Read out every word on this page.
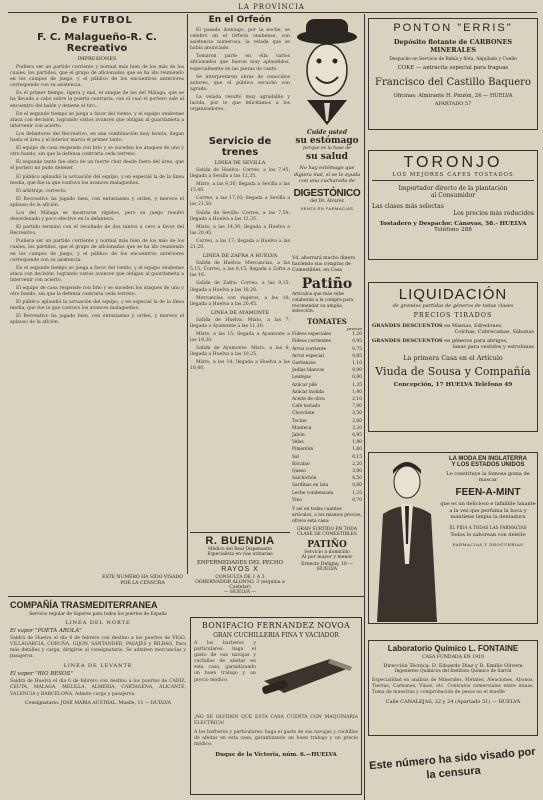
LA PROVINCIA
De FUTBOL
F. C. Malagueño-R. C. Recreativo
IMPRESIONES

Pudiera ser un partido corriente y normal más bien de los más de los cuales, los partidos, que el grupo de aficionados que se ha ido reuniendo en los campos de juego, y el público de los encuentros anteriores corresponde con su asistencia.

Es el primer tiempo, ligera y mal, el ataque de los del Málaga, que se ha llevado a cabo sobre la puerta contraria, con el cual el portero sale al encuentro del balón y detiene el tiro...

En el segundo tiempo se juega a favor del viento, y el equipo onubense ataca con decisión, logrando varios avances que obligan al guardameta a intervenir con acierto.

Los delanteros del Recreativo, en una combinación muy bonita, llegan hasta el área y el interior marca el primer tanto.

El equipo de casa responde con brío y se suceden los ataques de uno y otro bando, sin que la defensa contraria ceda terreno.

El segundo tanto fue obra de un fuerte chut desde fuera del área, que el portero no pudo detener.

El público aplaudió la actuación del equipo, y en especial la de la línea media, que fue la que contuvo los avances malagueños.

El arbitraje, correcto.

El Recreativo ha jugado bien, con entusiasmo y orden, y merece el aplauso de la afición.

Los del Málaga se mostraron rápidos, pero su juego resultó desordenado y poco efectivo en la delantera.

El partido terminó con el resultado de dos tantos a cero a favor del Recreativo.

Pudiera ser un partido corriente y normal más bien de los más de los cuales, los partidos, que el grupo de aficionados que se ha ido reuniendo en los campos de juego, y el público de los encuentros anteriores corresponde con su asistencia.

En el segundo tiempo se juega a favor del viento, y el equipo onubense ataca con decisión, logrando varios avances que obligan al guardameta a intervenir con acierto.

El equipo de casa responde con brío y se suceden los ataques de uno y otro bando, sin que la defensa contraria ceda terreno.

El público aplaudió la actuación del equipo, y en especial la de la línea media, que fue la que contuvo los avances malagueños.

El Recreativo ha jugado bien, con entusiasmo y orden, y merece el aplauso de la afición.

En el Orfeón

El pasado domingo, por la noche, se celebró en el Orfeón onubense, con asistencia numerosa, la velada que se había anunciado.

Tomaron parte en ella varios aficionados que fueron muy aplaudidos, especialmente en las piezas de canto.

Se interpretaron obras de conocidos autores, que el público escuchó con agrado.

La velada resultó muy agradable y lucida, por lo que felicitamos a los organizadores.

Cuide usted
su estómago
porque es la base de
su salud
No hay estómago que digiera mal, si se le ayuda con una cucharada de
DIGESTÓNICO
del Dr. Alvarez
VENTA EN FARMACIAS
Servicio de trenes
LINEA DE SEVILLA

Salida de Huelva: Correo, a las 7,45; llegada a Sevilla a las 12,35.

Mixto, a las 9,30; llegada a Sevilla a las 15,40.

Correo, a las 17,10; llegada a Sevilla a las 21,50.

Salida de Sevilla: Correo, a las 7,50; llegada a Huelva a las 12,35.

Mixto, a las 14,30; llegada a Huelva a las 20,45.

Correo, a las 17; llegada a Huelva a las 21,20.

LINEA DE ZAFRA A HUELVA

Salida de Huelva: Mercancías, a las 5,15; Correo, a las 8,15; llegada a Zafra a las 16.

Salida de Zafra: Correo, a las 9,15; llegada a Huelva a las 18,20.

Mercancías con viajeros, a las 10; llegada a Huelva a las 20,45.

LINEA DE AYAMONTE

Salida de Huelva: Mixto, a las 7; llegada a Ayamonte a las 11,10.

Mixto, a las 15; llegada a Ayamonte a las 19,30.

Salida de Ayamonte: Mixto, a las 6; llegada a Huelva a las 10,25.

Mixto, a las 14; llegada a Huelva a las 18,40.

Vd. ahorrará mucho dinero haciendo sus compras de Comestibles, en Casa
Patiño
Artículos que más sube colaboran a la compra para recomendar su amplia selección:
TOMATES
precios
Fideos especiales	1,20
Fideos corrientes	0,95
Arroz corriente	0,75
Arroz especial	0,85
Garbanzos	1,10
Judías blancas	0,90
Lentejas	0,80
Azúcar pilé	1,35
Azúcar molida	1,40
Aceite de oliva	2,10
Café tostado	7,00
Chocolate	3,50
Tocino	2,60
Manteca	3,20
Jabón	0,95
Velas	1,80
Pimentón	1,60
Sal	0,15
Bacalao	2,20
Queso	3,80
Salchichón	6,50
Sardinas en lata	0,60
Leche condensada	1,25
Vino	0,70
Y así en todas cuantos artículos, a los mismos precios, ofrece esta casa:
GRAN SURTIDO EN TODA CLASE DE COMESTIBLES
PATIÑO
Servicio a domicilio
Al por mayor y menor
Ernesto Deligny, 10 — HUELVA
R. BUENDIA
Médico del Real Dispensario
Especialista en vías urinarias
ENFERMEDADES DEL PECHO
RAYOS X
CONSULTA DE 1 A 3
GOBERNADOR ALONSO, 3 (esquina a Castelar)
— HUELVA —
ESTE NUMERO HA SIDO VISADO POR LA CENSURA
COMPAÑÍA TRASMEDITERRANEA
Servicio regular de Vapores para todos los puertos de España
LINEA DEL NORTE
El vapor "POETA AROLA"
Saldrá de Huelva el día 4 de febrero con destino a los puertos de VIGO, VILLAGARCIA, CORUÑA, GIJON, SANTANDER, PASAJES y BILBAO. Para más detalles y carga, dirigirse al consignatario. Se admiten mercancías y pasajeros.
LINEA DE LEVANTE
El vapor "RIO BESOS"
Saldrá de Huelva el día 6 de febrero con destino a los puertos de CADIZ, CEUTA, MALAGA, MELILLA, ALMERIA, CARTAGENA, ALICANTE, VALENCIA y BARCELONA. Admite carga y pasajeros.
Consignatario: JOSE MARIA AUSTRAL. Muelle, 11 — HUELVA
BONIFACIO FERNANDEZ NOVOA
GRAN CUCHILLERIA FINA Y VACIADOR
A los barberos y particulares: haga el gasto de sus navajas y cuchillas de afeitar en esta casa, garantizando un buen trabajo y un precio módico.
¡NO SE OLVIDEN QUE ESTA CASA CUENTA CON MAQUINARIA ELECTRICA!
A los barberos y particulares: haga el gasto de sus navajas y cuchillas de afeitar en esta casa, garantizando un buen trabajo y un precio módico.
Duque de la Victoria, núm. 6.—HUELVA
PONTON "ERRIS"
Depósito flotante de CARBONES MINERALES
Despacho en Servicio de Bahía y flota, Alquilado y Cuello
COKE — antracita especial para fraguas
Francisco del Castillo Baquero
Oficinas: Almirante H. Pinzón, 24 — HUELVA
APARTADO 57
TORONJO
LOS MEJORES CAFES TOSTADOS
Importador directo de la plantación
al Consumidor
Las clases más selectas
Los precios más reducidos
Tostadero y Despacho: Cánovas, 58.- HUELVA
Teléfono 288
LIQUIDACIÓN
de grandes partidas de géneros de todas clases
PRECIOS TIRADOS
GRANDES DESCUENTOS en Mantas, Edredones,
Colchas, Cubrecamas, Sábanas
GRANDES DESCUENTOS en géneros para abrigos,
lanas para vestidos y estrofanas
La primera Casa en el Artículo
Viuda de Sousa y Compañía
Concepción, 17 HUELVA Teléfono 49
LA MODA EN INGLATERRA
Y LOS ESTADOS UNIDOS
Lo constituye la famosa goma de
mascar
FEEN-A-MINT
que es un delicioso e infalible laxante a la vez que perfuma la boca y mantiene limpia la dentadura
EL PIDA A TODAS LAS FARMACIAS
Todos lo saborean con deleite
FARMACIAS Y DROGUERIAS
Laboratorio Químico L. FONTAINE
CASA FUNDADA EN 1910
Dirección Técnica: D. Eduardo Díaz y D. Emilio Olivera
Ingenieros Químicos del Instituto Químico de Sarriá
Especialidad en análisis de Minerales, Metales, Aleaciones, Abonos, Tierras, Carbones, Vinos, etc. Contratos comerciales entre minas. Toma de muestras y comprobación de pesos en el muelle
Calle CANALEJAS, 22 y 24 (Apartado 51) — HUELVA
Este número ha sido visado por la censura
